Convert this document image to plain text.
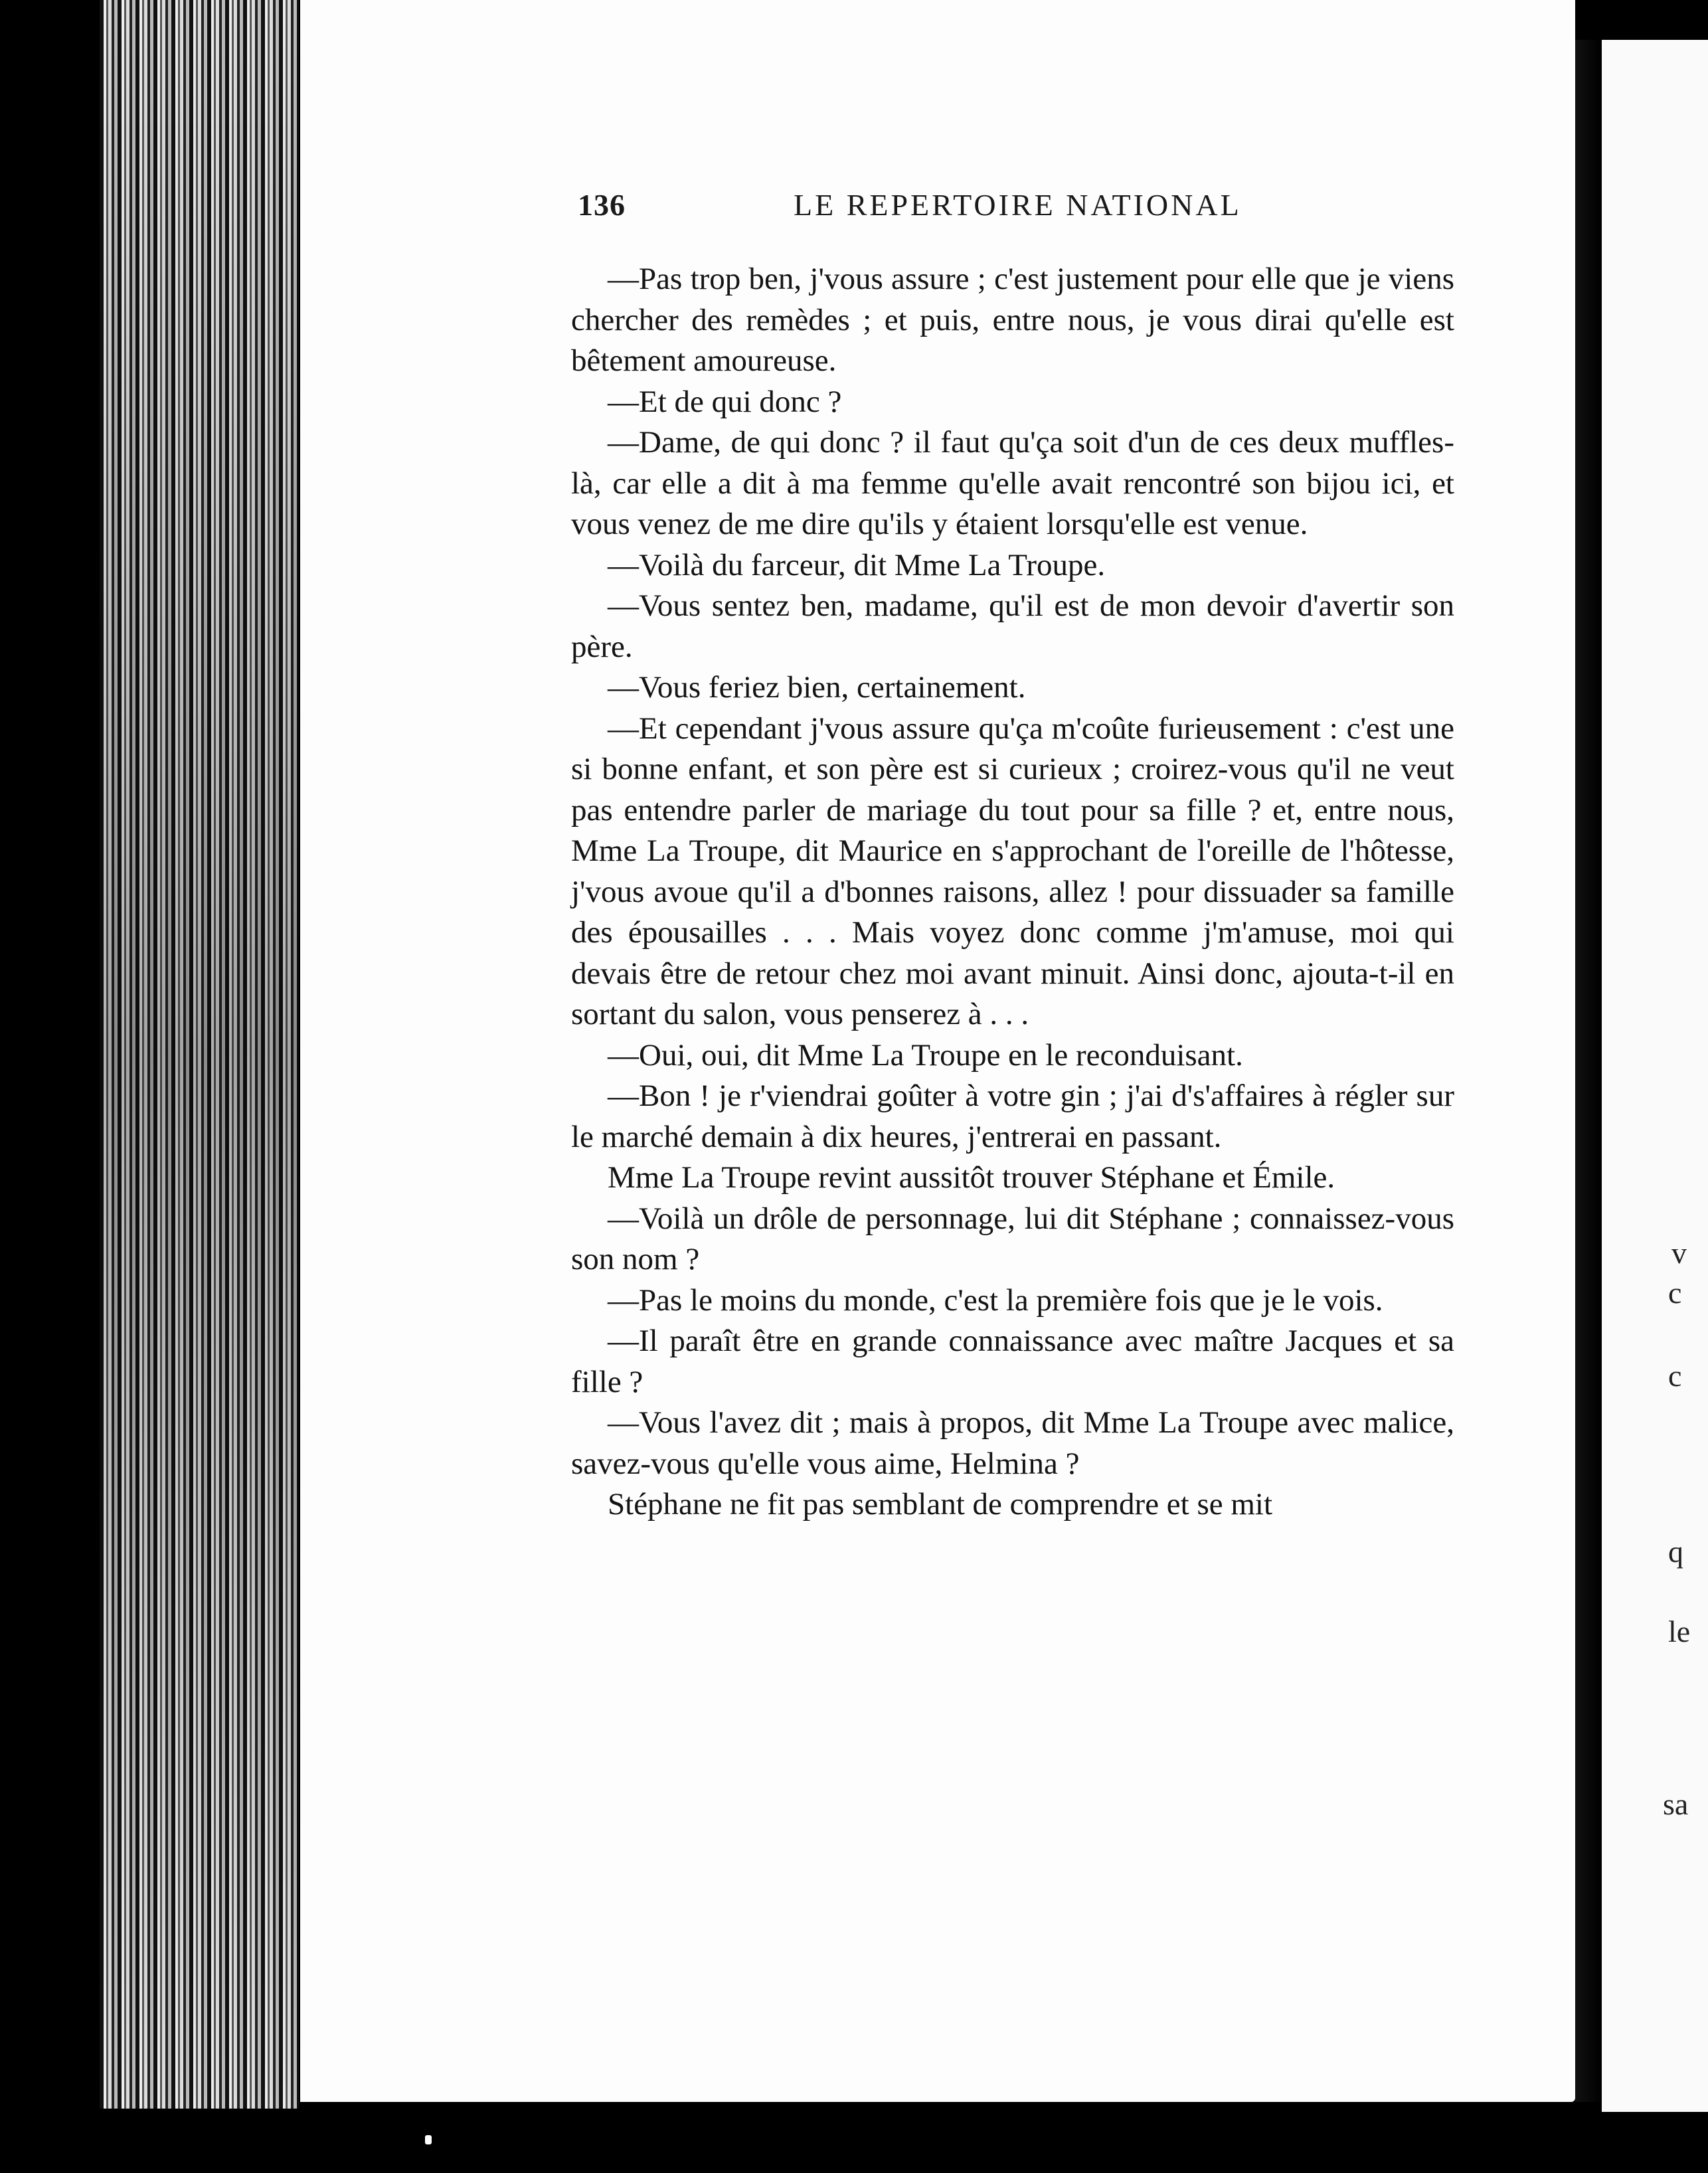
136	LE REPERTOIRE NATIONAL

—Pas trop ben, j'vous assure ; c'est justement pour elle que je viens chercher des remèdes ; et puis, entre nous, je vous dirai qu'elle est bêtement amoureuse.

—Et de qui donc ?

—Dame, de qui donc ? il faut qu'ça soit d'un de ces deux muffles-là, car elle a dit à ma femme qu'elle avait rencontré son bijou ici, et vous venez de me dire qu'ils y étaient lorsqu'elle est venue.

—Voilà du farceur, dit Mme La Troupe.

—Vous sentez ben, madame, qu'il est de mon devoir d'avertir son père.

—Vous feriez bien, certainement.

—Et cependant j'vous assure qu'ça m'coûte furieusement : c'est une si bonne enfant, et son père est si curieux ; croirez-vous qu'il ne veut pas entendre parler de mariage du tout pour sa fille ? et, entre nous, Mme La Troupe, dit Maurice en s'approchant de l'oreille de l'hôtesse, j'vous avoue qu'il a d'bonnes raisons, allez ! pour dissuader sa famille des épousailles . . . Mais voyez donc comme j'm'amuse, moi qui devais être de retour chez moi avant minuit. Ainsi donc, ajouta-t-il en sortant du salon, vous penserez à . . .

—Oui, oui, dit Mme La Troupe en le reconduisant.

—Bon ! je r'viendrai goûter à votre gin ; j'ai d's'affaires à régler sur le marché demain à dix heures, j'entrerai en passant.

Mme La Troupe revint aussitôt trouver Stéphane et Émile.

—Voilà un drôle de personnage, lui dit Stéphane ; connaissez-vous son nom ?

—Pas le moins du monde, c'est la première fois que je le vois.

—Il paraît être en grande connaissance avec maître Jacques et sa fille ?

—Vous l'avez dit ; mais à propos, dit Mme La Troupe avec malice, savez-vous qu'elle vous aime, Helmina ?

Stéphane ne fit pas semblant de comprendre et se mit

v
c
c
q
le
sa
